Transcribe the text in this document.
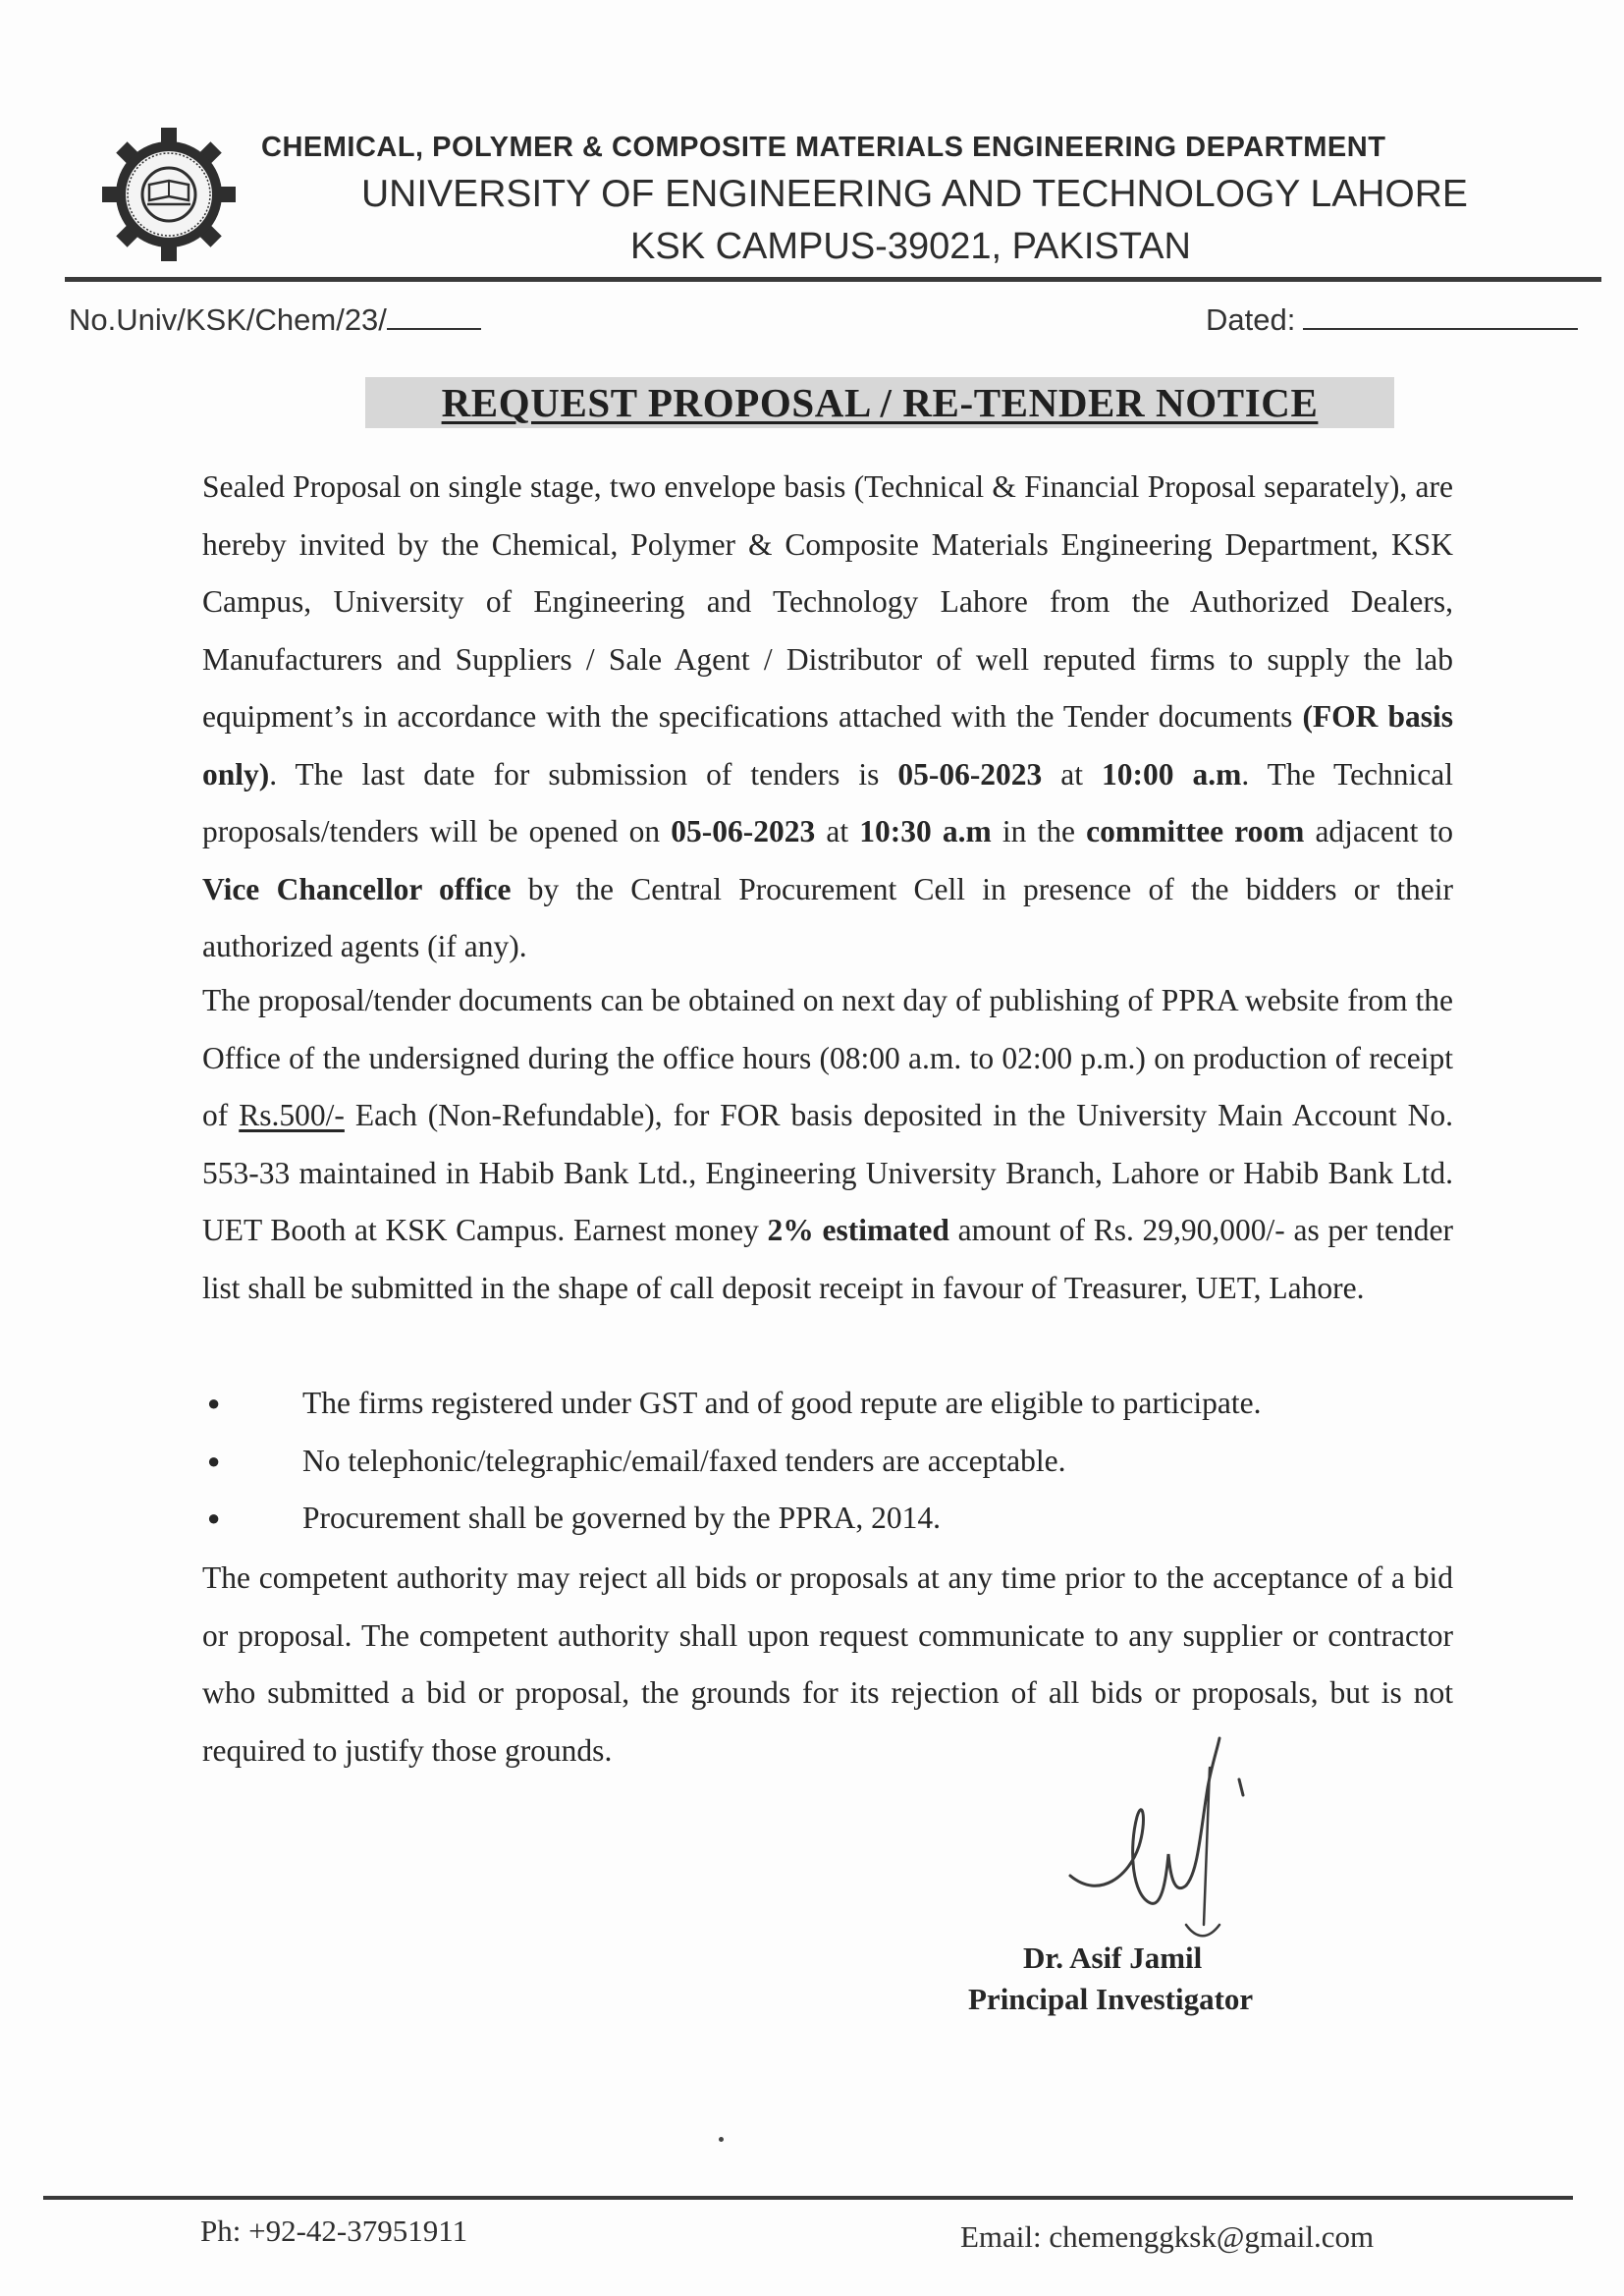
CHEMICAL, POLYMER & COMPOSITE MATERIALS ENGINEERING DEPARTMENT
UNIVERSITY OF ENGINEERING AND TECHNOLOGY LAHORE
KSK CAMPUS-39021, PAKISTAN
No.Univ/KSK/Chem/23/	Dated:
REQUEST PROPOSAL / RE-TENDER NOTICE
Sealed Proposal on single stage, two envelope basis (Technical & Financial Proposal separately), are hereby invited by the Chemical, Polymer & Composite Materials Engineering Department, KSK Campus, University of Engineering and Technology Lahore from the Authorized Dealers, Manufacturers and Suppliers / Sale Agent / Distributor of well reputed firms to supply the lab equipment’s in accordance with the specifications attached with the Tender documents (FOR basis only). The last date for submission of tenders is 05-06-2023 at 10:00 a.m. The Technical proposals/tenders will be opened on 05-06-2023 at 10:30 a.m in the committee room adjacent to Vice Chancellor office by the Central Procurement Cell in presence of the bidders or their authorized agents (if any).
The proposal/tender documents can be obtained on next day of publishing of PPRA website from the Office of the undersigned during the office hours (08:00 a.m. to 02:00 p.m.) on production of receipt of Rs.500/- Each (Non-Refundable), for FOR basis deposited in the University Main Account No. 553-33 maintained in Habib Bank Ltd., Engineering University Branch, Lahore or Habib Bank Ltd. UET Booth at KSK Campus. Earnest money 2% estimated amount of Rs. 29,90,000/- as per tender list shall be submitted in the shape of call deposit receipt in favour of Treasurer, UET, Lahore.
●	The firms registered under GST and of good repute are eligible to participate.
●	No telephonic/telegraphic/email/faxed tenders are acceptable.
●	Procurement shall be governed by the PPRA, 2014.
The competent authority may reject all bids or proposals at any time prior to the acceptance of a bid or proposal. The competent authority shall upon request communicate to any supplier or contractor who submitted a bid or proposal, the grounds for its rejection of all bids or proposals, but is not required to justify those grounds.
Dr. Asif Jamil
Principal Investigator
Ph: +92-42-37951911	Email: chemenggksk@gmail.com
